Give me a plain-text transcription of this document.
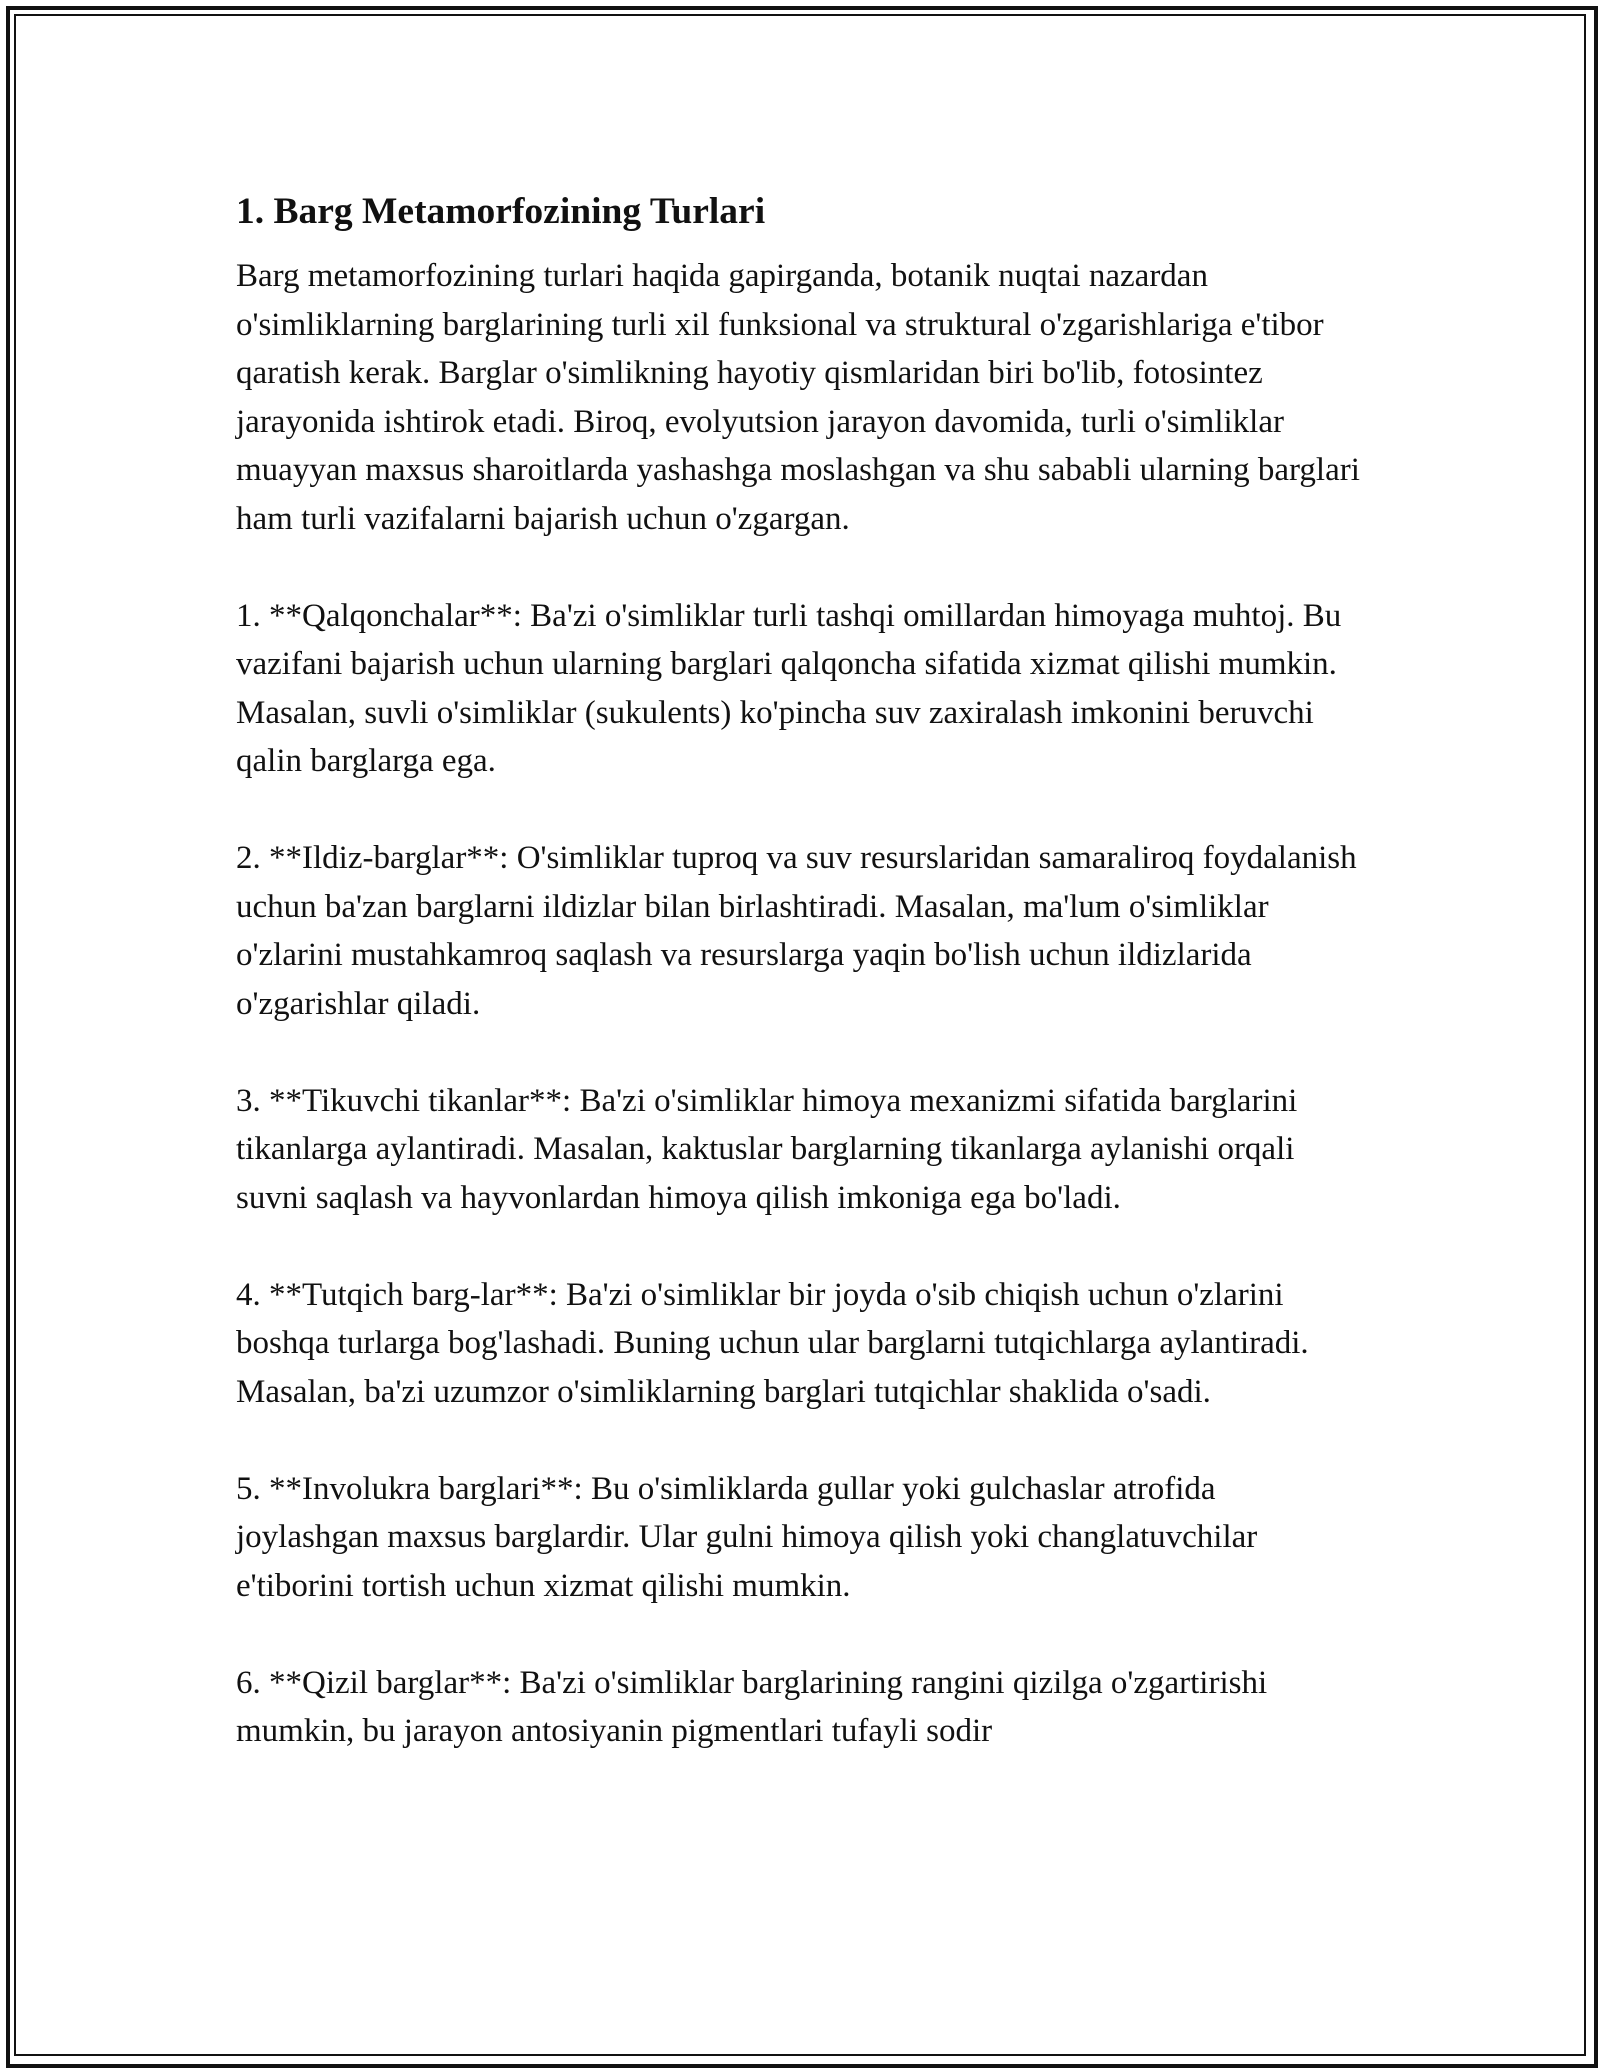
1. Barg Metamorfozining Turlari

Barg metamorfozining turlari haqida gapirganda, botanik nuqtai nazardan o'simliklarning barglarining turli xil funksional va struktural o'zgarishlariga e'tibor qaratish kerak. Barglar o'simlikning hayotiy qismlaridan biri bo'lib, fotosintez jarayonida ishtirok etadi. Biroq, evolyutsion jarayon davomida, turli o'simliklar muayyan maxsus sharoitlarda yashashga moslashgan va shu sababli ularning barglari ham turli vazifalarni bajarish uchun o'zgargan.

1. **Qalqonchalar**: Ba'zi o'simliklar turli tashqi omillardan himoyaga muhtoj. Bu vazifani bajarish uchun ularning barglari qalqoncha sifatida xizmat qilishi mumkin. Masalan, suvli o'simliklar (sukulents) ko'pincha suv zaxiralash imkonini beruvchi qalin barglarga ega.

2. **Ildiz-barglar**: O'simliklar tuproq va suv resurslaridan samaraliroq foydalanish uchun ba'zan barglarni ildizlar bilan birlashtiradi. Masalan, ma'lum o'simliklar o'zlarini mustahkamroq saqlash va resurslarga yaqin bo'lish uchun ildizlarida o'zgarishlar qiladi.

3. **Tikuvchi tikanlar**: Ba'zi o'simliklar himoya mexanizmi sifatida barglarini tikanlarga aylantiradi. Masalan, kaktuslar barglarning tikanlarga aylanishi orqali suvni saqlash va hayvonlardan himoya qilish imkoniga ega bo'ladi.

4. **Tutqich barg-lar**: Ba'zi o'simliklar bir joyda o'sib chiqish uchun o'zlarini boshqa turlarga bog'lashadi. Buning uchun ular barglarni tutqichlarga aylantiradi. Masalan, ba'zi uzumzor o'simliklarning barglari tutqichlar shaklida o'sadi.

5. **Involukra barglari**: Bu o'simliklarda gullar yoki gulchaslar atrofida joylashgan maxsus barglardir. Ular gulni himoya qilish yoki changlatuvchilar e'tiborini tortish uchun xizmat qilishi mumkin.

6. **Qizil barglar**: Ba'zi o'simliklar barglarining rangini qizilga o'zgartirishi mumkin, bu jarayon antosiyanin pigmentlari tufayli sodir
